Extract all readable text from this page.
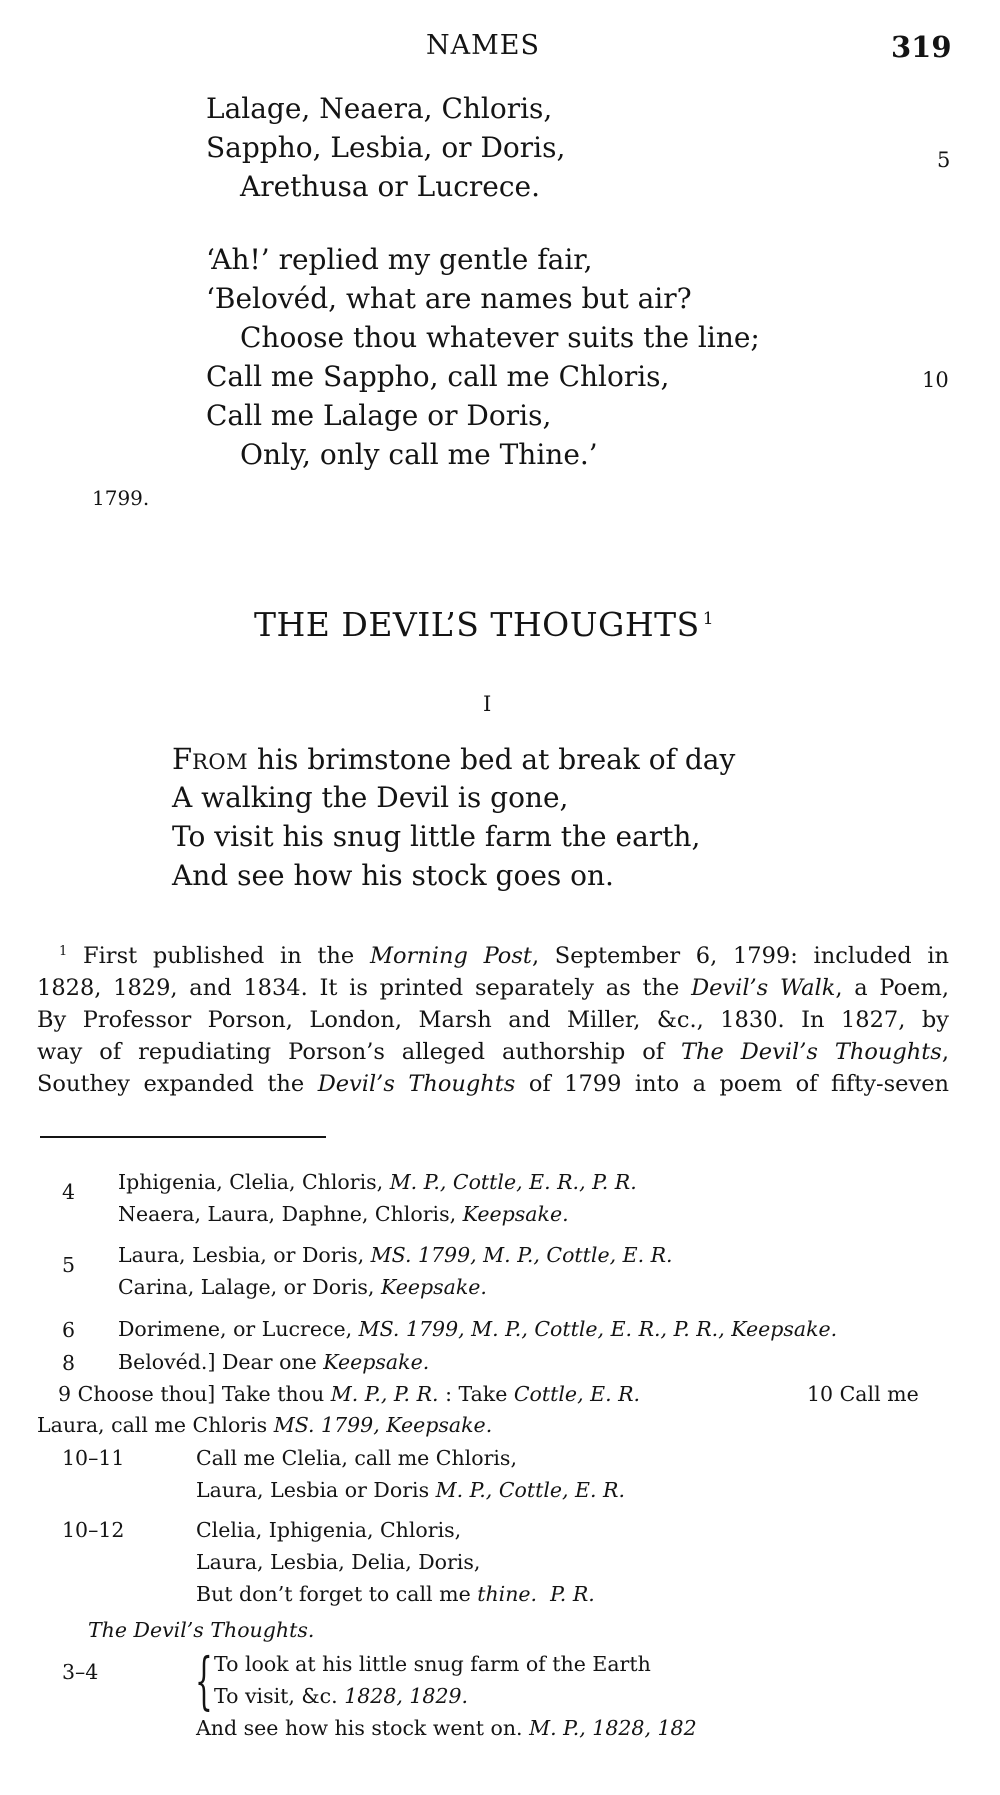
NAMES	319
Lalage, Neaera, Chloris,
Sappho, Lesbia, or Doris,
Arethusa or Lucrece.
5
‘Ah!’ replied my gentle fair,
‘Belovéd, what are names but air?
Choose thou whatever suits the line;
Call me Sappho, call me Chloris,	10
Call me Lalage or Doris,
Only, only call me Thine.’
1799.
THE DEVIL’S THOUGHTS $^1$
I
FROM his brimstone bed at break of day
A walking the Devil is gone,
To visit his snug little farm the earth,
And see how his stock goes on.
$^1$ First published in the Morning Post, September 6, 1799: included in
1828, 1829, and 1834. It is printed separately as the Devil’s Walk, a Poem,
By Professor Porson, London, Marsh and Miller, &c., 1830. In 1827, by
way of repudiating Porson’s alleged authorship of The Devil’s Thoughts,
Southey expanded the Devil’s Thoughts of 1799 into a poem of fifty-seven
4 Iphigenia, Clelia, Chloris, M. P., Cottle, E. R., P. R.
Neaera, Laura, Daphne, Chloris, Keepsake.
5 Laura, Lesbia, or Doris, MS. 1799, M. P., Cottle, E. R.
Carina, Lalage, or Doris, Keepsake.
6 Dorimene, or Lucrece, MS. 1799, M. P., Cottle, E. R., P. R., Keepsake.
8 Belovéd.] Dear one Keepsake.
9 Choose thou] Take thou M. P., P. R. : Take Cottle, E. R.	10 Call me
Laura, call me Chloris MS. 1799, Keepsake.
10–11	Call me Clelia, call me Chloris,
Laura, Lesbia or Doris M. P., Cottle, E. R.
10–12	Clelia, Iphigenia, Chloris,
Laura, Lesbia, Delia, Doris,
But don’t forget to call me thine. P. R.
The Devil’s Thoughts.
3–4 { To look at his little snug farm of the Earth
To visit, &c. 1828, 1829.
And see how his stock went on. M. P., 1828, 182
